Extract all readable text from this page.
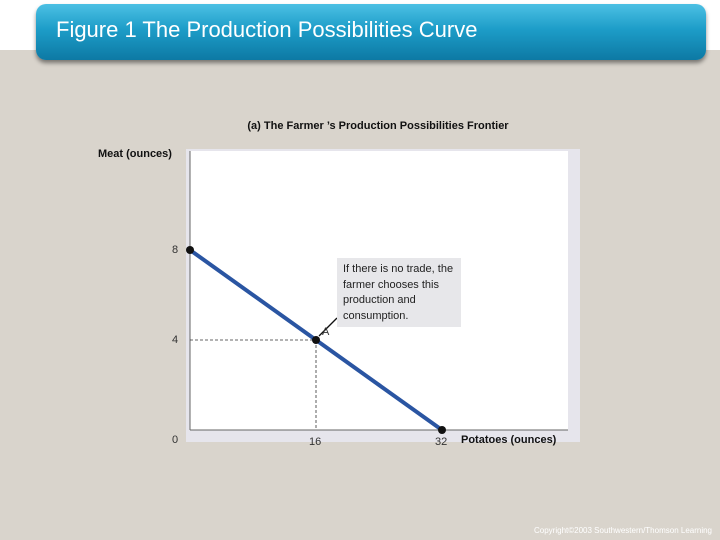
Figure 1 The Production Possibilities Curve
(a) The Farmer ’s Production Possibilities Frontier
Meat (ounces)
0	16	32
4
8
A
Potatoes (ounces)
If there is no trade, the farmer chooses this production and consumption.
Copyright©2003 Southwestern/Thomson Learning
